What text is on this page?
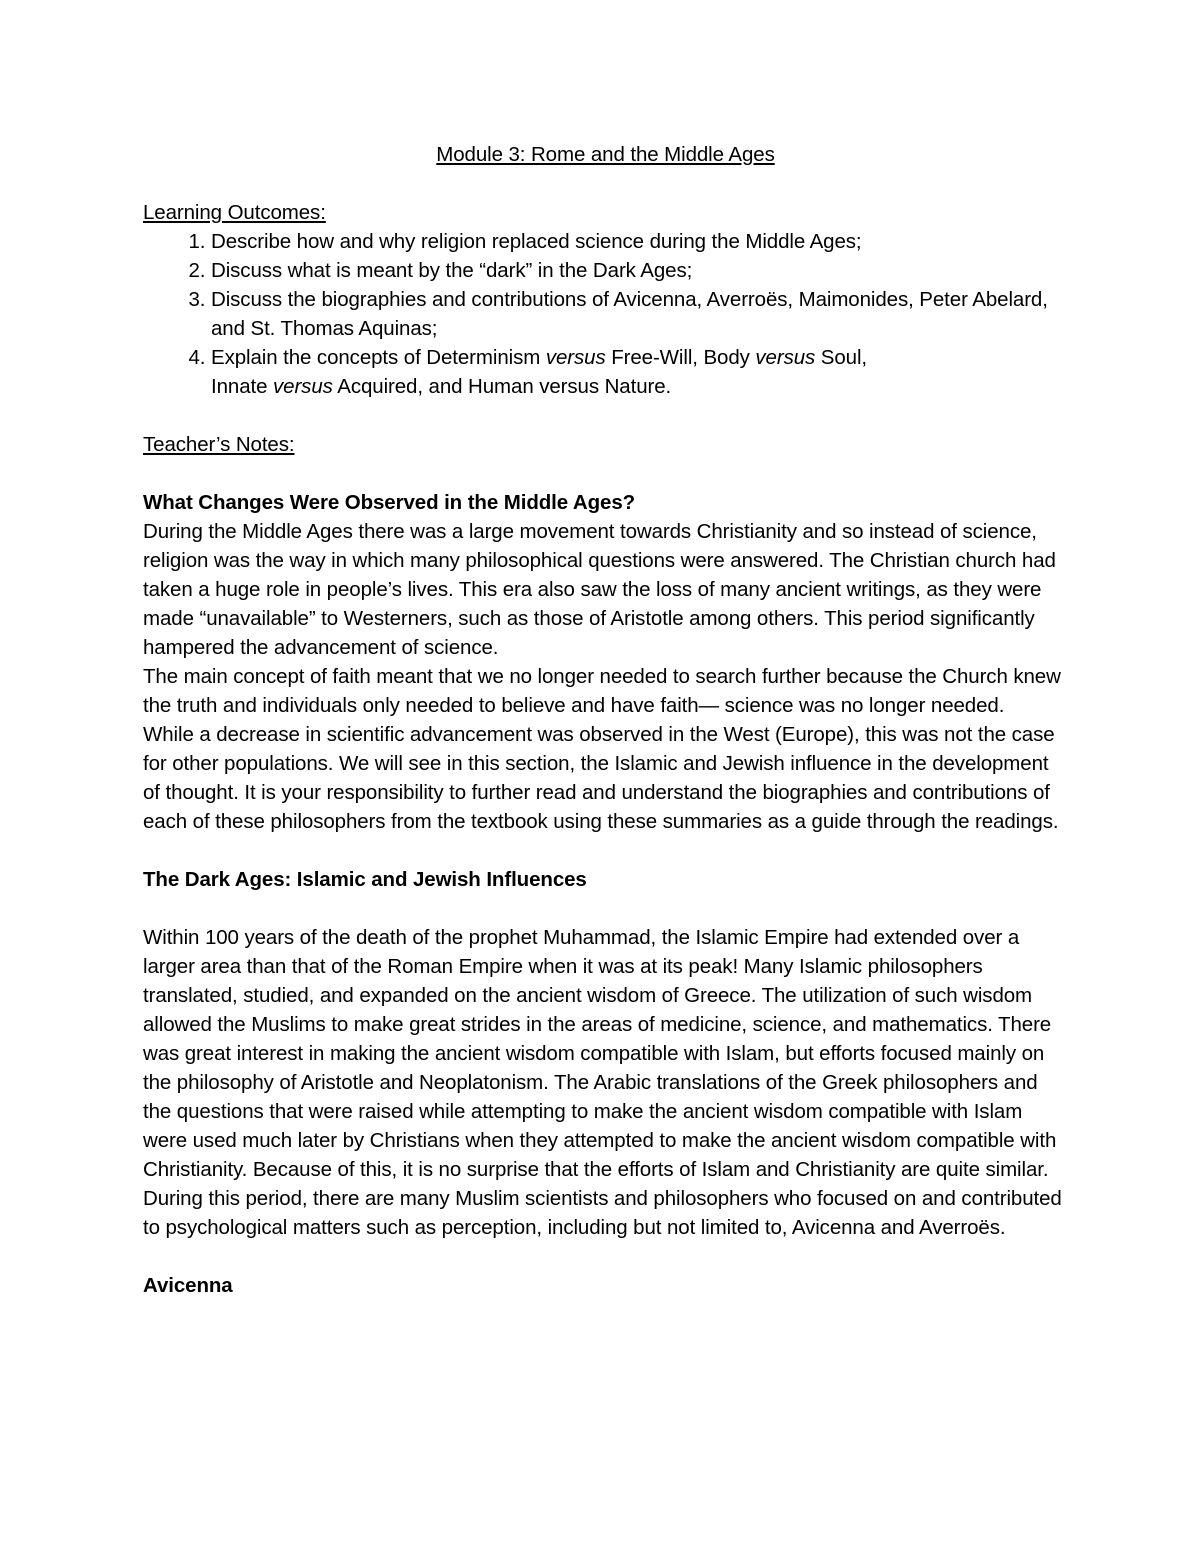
Module 3: Rome and the Middle Ages

Learning Outcomes:

1. Describe how and why religion replaced science during the Middle Ages;
2. Discuss what is meant by the “dark” in the Dark Ages;
3. Discuss the biographies and contributions of Avicenna, Averroës, Maimonides, Peter Abelard, and St. Thomas Aquinas;
4. Explain the concepts of Determinism versus Free-Will, Body versus Soul,
Innate versus Acquired, and Human versus Nature.

Teacher’s Notes:

What Changes Were Observed in the Middle Ages?

During the Middle Ages there was a large movement towards Christianity and so instead of science, religion was the way in which many philosophical questions were answered. The Christian church had taken a huge role in people’s lives. This era also saw the loss of many ancient writings, as they were made “unavailable” to Westerners, such as those of Aristotle among others. This period significantly hampered the advancement of science.

The main concept of faith meant that we no longer needed to search further because the Church knew the truth and individuals only needed to believe and have faith— science was no longer needed.

While a decrease in scientific advancement was observed in the West (Europe), this was not the case for other populations. We will see in this section, the Islamic and Jewish influence in the development of thought. It is your responsibility to further read and understand the biographies and contributions of each of these philosophers from the textbook using these summaries as a guide through the readings.

The Dark Ages: Islamic and Jewish Influences

Within 100 years of the death of the prophet Muhammad, the Islamic Empire had extended over a larger area than that of the Roman Empire when it was at its peak! Many Islamic philosophers translated, studied, and expanded on the ancient wisdom of Greece. The utilization of such wisdom allowed the Muslims to make great strides in the areas of medicine, science, and mathematics. There was great interest in making the ancient wisdom compatible with Islam, but efforts focused mainly on the philosophy of Aristotle and Neoplatonism. The Arabic translations of the Greek philosophers and the questions that were raised while attempting to make the ancient wisdom compatible with Islam were used much later by Christians when they attempted to make the ancient wisdom compatible with Christianity. Because of this, it is no surprise that the efforts of Islam and Christianity are quite similar. During this period, there are many Muslim scientists and philosophers who focused on and contributed to psychological matters such as perception, including but not limited to, Avicenna and Averroës.

Avicenna
